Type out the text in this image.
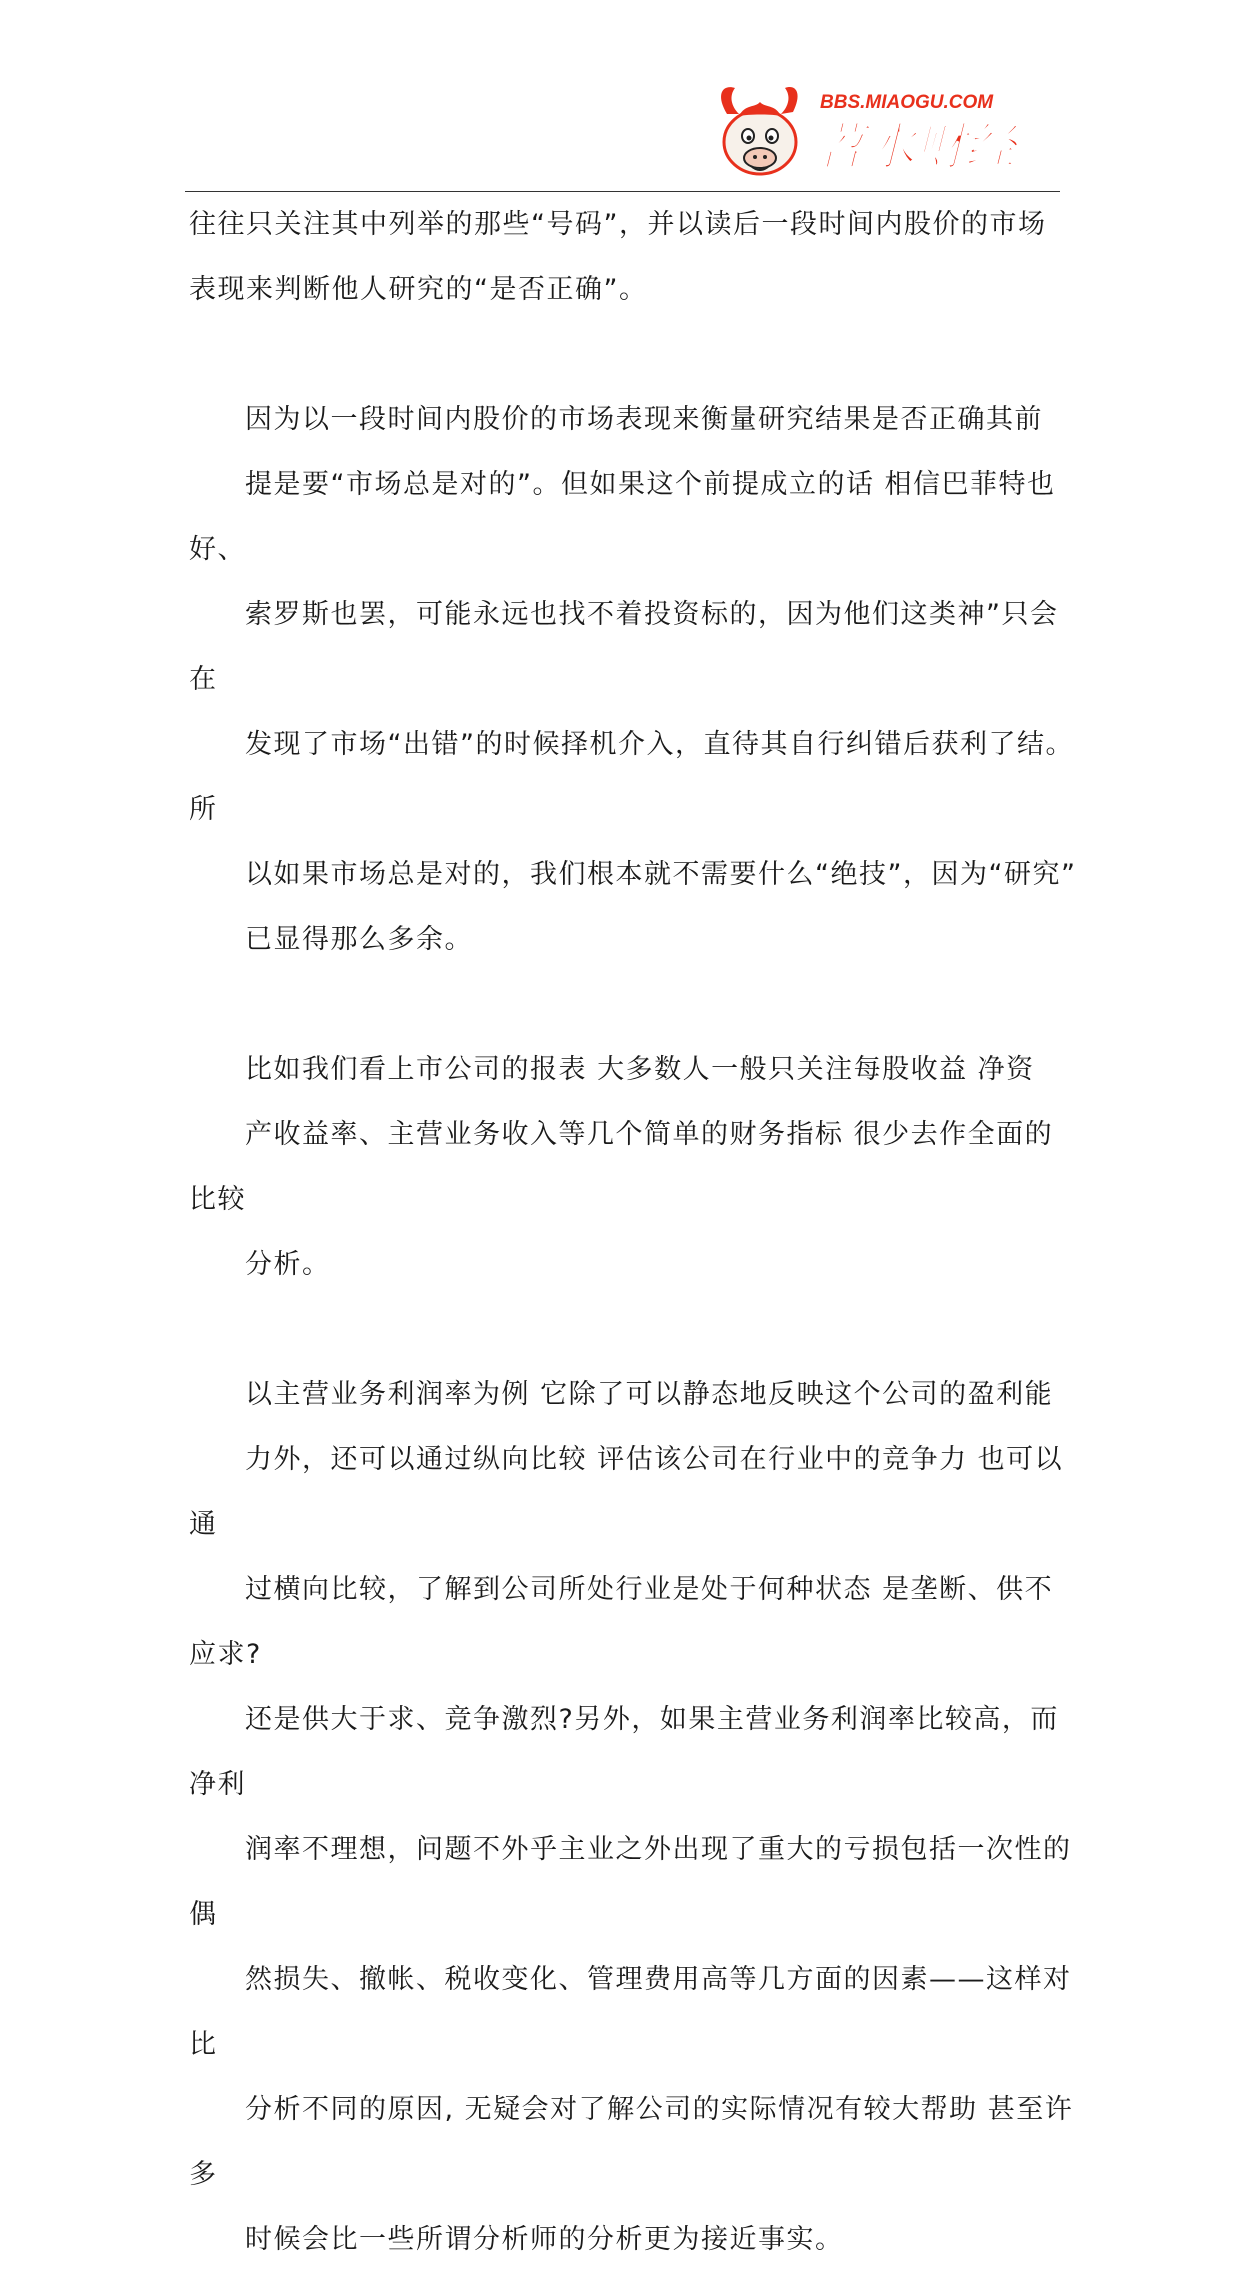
BBS.MIAOGU.COM
苕水财经

往往只关注其中列举的那些“号码”，并以读后一段时间内股价的市场
表现来判断他人研究的“是否正确”。

因为以一段时间内股价的市场表现来衡量研究结果是否正确其前
提是要“市场总是对的”。但如果这个前提成立的话 相信巴菲特也好、
索罗斯也罢，可能永远也找不着投资标的，因为他们这类神”只会在
发现了市场“出错”的时候择机介入，直待其自行纠错后获利了结。所
以如果市场总是对的，我们根本就不需要什么“绝技”，因为“研究”
已显得那么多余。

比如我们看上市公司的报表 大多数人一般只关注每股收益 净资
产收益率、主营业务收入等几个简单的财务指标 很少去作全面的比较
分析。

以主营业务利润率为例 它除了可以静态地反映这个公司的盈利能
力外，还可以通过纵向比较 评估该公司在行业中的竞争力 也可以通
过横向比较，了解到公司所处行业是处于何种状态 是垄断、供不应求?
还是供大于求、竞争激烈?另外，如果主营业务利润率比较高，而净利
润率不理想，问题不外乎主业之外出现了重大的亏损包括一次性的偶
然损失、撤帐、税收变化、管理费用高等几方面的因素——这样对比
分析不同的原因, 无疑会对了解公司的实际情况有较大帮助 甚至许多
时候会比一些所谓分析师的分析更为接近事实。
